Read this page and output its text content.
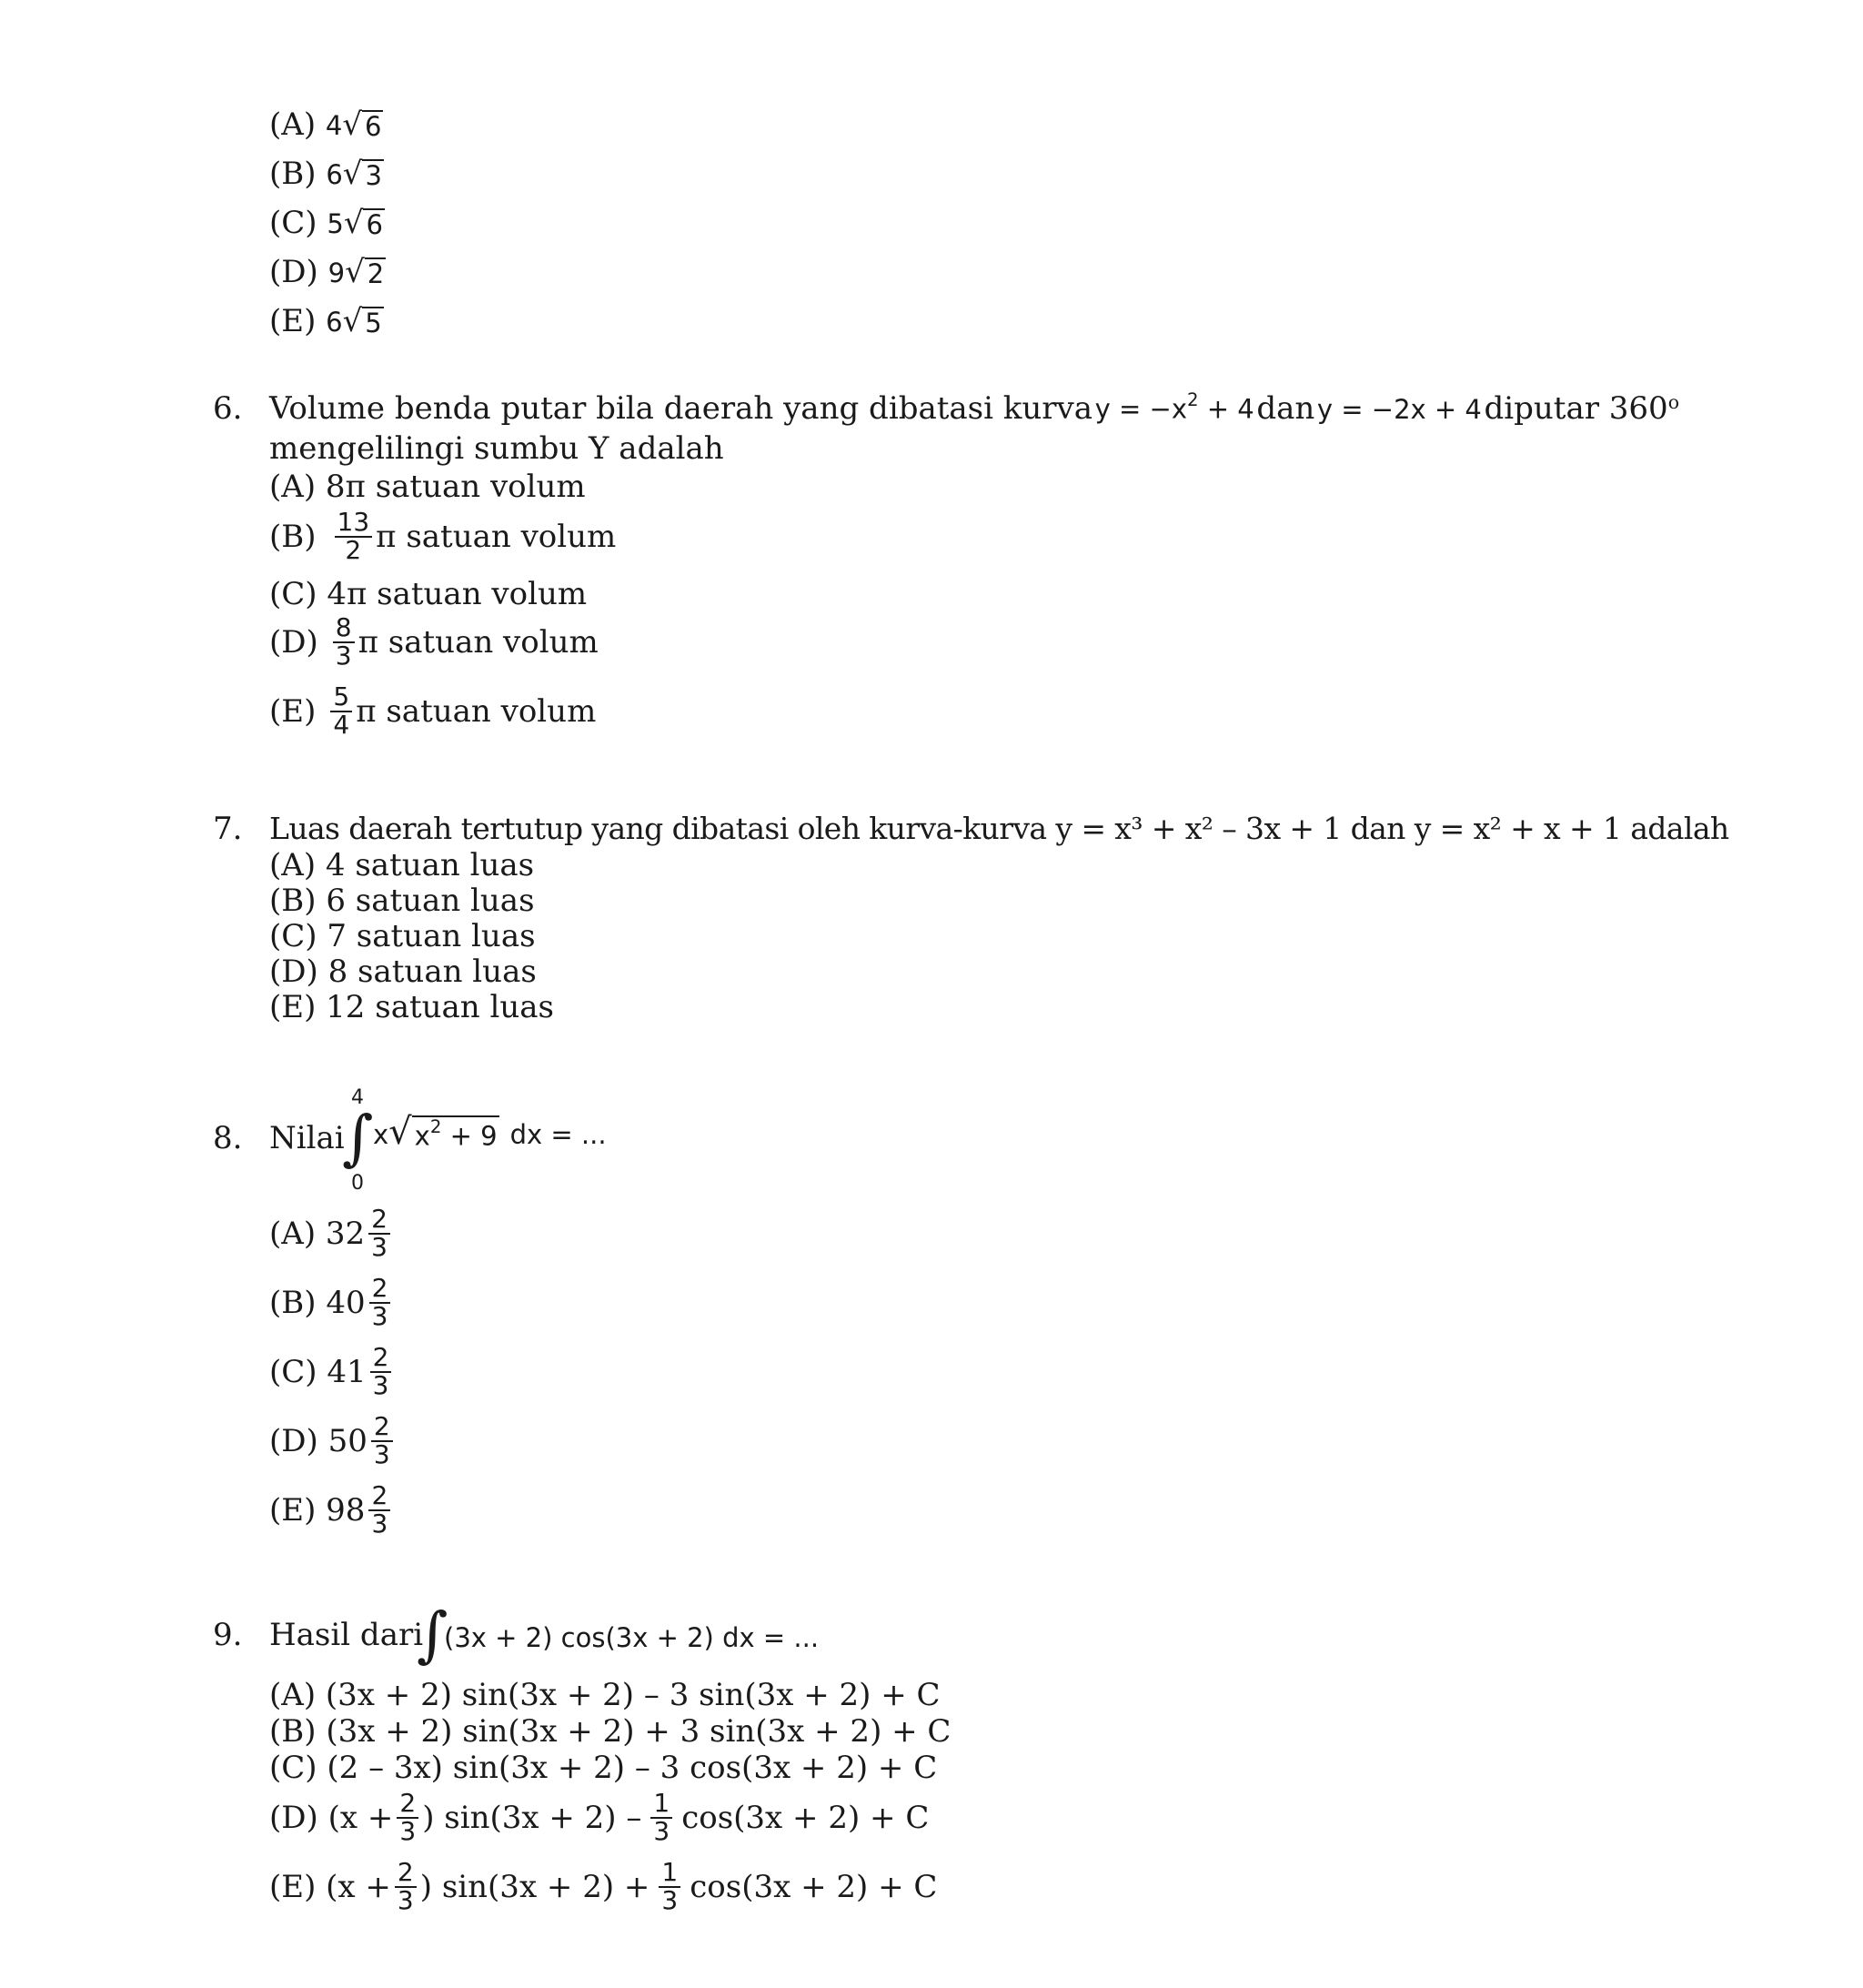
(A) 4 √ 6
(B) 6 √ 3
(C) 5 √ 6
(D) 9 √ 2
(E) 6 √ 5
6. Volume benda putar bila daerah yang dibatasi kurva $y = -x^2 + 4$ dan y = −2x + 4 diputar 360$^o$
mengelilingi sumbu Y adalah
(A) 8π satuan volum
$(B) \frac{13}{2}$ π
satuan volum
(C) 4π satuan volum
$(D) \frac{8}{3}$ π
satuan volum
$(E) \frac{5}{4}$ π
satuan volum
7. Luas daerah tertutup yang dibatasi oleh kurva-kurva y = x³ + x² – 3x + 1 dan y = x² + x + 1 adalah
(A) 4 satuan luas
(B) 6 satuan luas
(C) 7 satuan luas
(D) 8 satuan luas
(E) 12 satuan luas
8. Nilai
4
∫
0
x √ $x^2 + 9$ dx = ...
(A)
$32 \frac{2}{3}$
(B)
$40 \frac{2}{3}$
(C)
$41 \frac{2}{3}$
(D)
$50 \frac{2}{3}$
(E)
$98 \frac{2}{3}$
9. Hasil dari
∫
(3x + 2) cos(3x + 2) dx = ...
(A) (3x + 2) sin(3x + 2) – 3 sin(3x + 2) + C
(B) (3x + 2) sin(3x + 2) + 3 sin(3x + 2) + C
(C) (2 – 3x) sin(3x + 2) – 3 cos(3x + 2) + C
(D)
($x + \frac{2}{3}$ ) $\sin(3x + 2) - \frac{1}{3} \cos(3x + 2) + C$
(E)
($x + \frac{2}{3}$ ) $\sin(3x + 2) + \frac{1}{3} \cos(3x + 2) + C$
